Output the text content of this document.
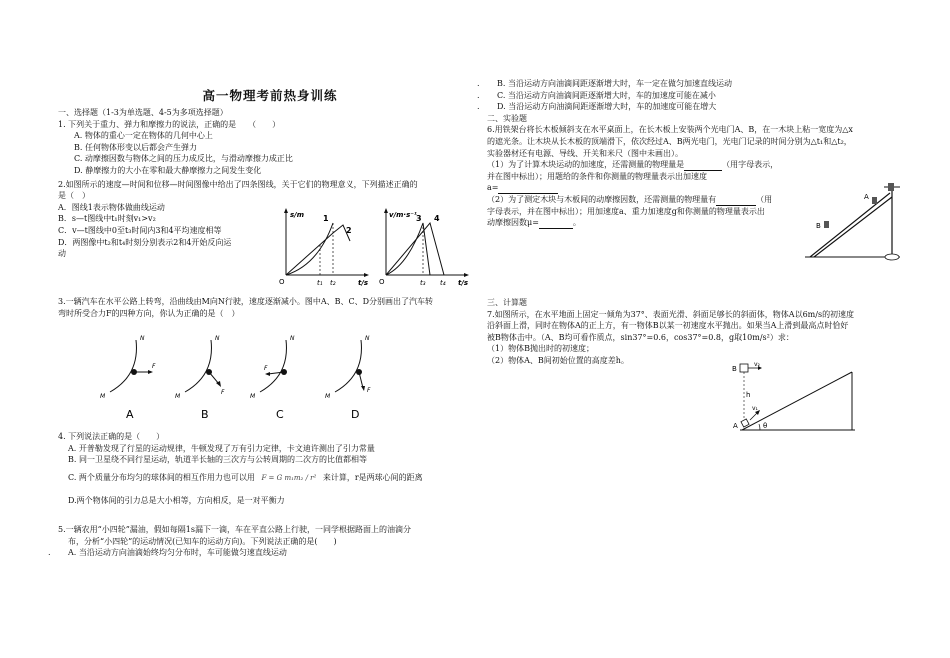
高一物理考前热身训练
一、选择题（1-3为单选题、4-5为多项选择题）
1. 下列关于重力、弹力和摩擦力的说法，正确的是　　（　　）
A. 物体的重心一定在物体的几何中心上
B. 任何物体形变以后都会产生弹力
C. 动摩擦因数与物体之间的压力成反比，与滑动摩擦力成正比
D. 静摩擦力的大小在零和最大静摩擦力之间发生变化
2.如图所示的速度—时间和位移—时间图像中给出了四条图线，关于它们的物理意义，下列描述正确的
是（　）
A．图线1表示物体做曲线运动
B．s—t图线中t₁时刻v₁>v₂
C．v—t图线中0至t₃时间内3和4平均速度相等
D．两图像中t₂和t₄时刻分别表示2和4开始反向运
动
s/m
t/s
O	t₁ t₂
1
2
v/m·s⁻¹
t/s
O	t₃ t₄
3 4
3.一辆汽车在水平公路上转弯，沿曲线由M向N行驶，速度逐渐减小。图中A、B、C、D分别画出了汽车转
弯时所受合力F的四种方向，你认为正确的是（　）
N
M
F
A
N
M
F
B
N
M
F
C
N
M
F
D
4. 下列说法正确的是（　　）
A. 开普勒发现了行星的运动规律，牛顿发现了万有引力定律，卡文迪许测出了引力常量
B. 同一卫星绕不同行星运动，轨道半长轴的三次方与公转周期的二次方的比值都相等
C. 两个质量分布均匀的球体间的相互作用力也可以用 F = G m₁m₂ / r² 来计算，r是两球心间的距离
D.两个物体间的引力总是大小相等，方向相反，是一对平衡力
5.一辆农用“小四轮”漏油，假如每隔1s漏下一滴，车在平直公路上行驶，一同学根据路面上的油滴分
布，分析“小四轮”的运动情况(已知车的运动方向)。下列说法正确的是(　　)
. A. 当沿运动方向油滴始终均匀分布时，车可能做匀速直线运动
. B. 当沿运动方向油滴间距逐渐增大时，车一定在做匀加速直线运动
. C. 当沿运动方向油滴间距逐渐增大时，车的加速度可能在减小
. D. 当沿运动方向油滴间距逐渐增大时，车的加速度可能在增大
二、实验题
6.用铁架台将长木板倾斜支在水平桌面上，在长木板上安装两个光电门A、B，在一木块上粘一宽度为△x
的遮光条。让木块从长木板的顶端滑下，依次经过A、B两光电门，光电门记录的时间分别为△t₁和△t₂，
实验器材还有电源、导线、开关和米尺（图中未画出）。
（1）为了计算木块运动的加速度，还需测量的物理量是	（用字母表示，
并在图中标出）；用题给的条件和你测量的物理量表示出加速度
a=
（2）为了测定木块与木板间的动摩擦因数，还需测量的物理量有	（用
字母表示，并在图中标出）；用加速度a、重力加速度g和你测量的物理量表示出
动摩擦因数μ=	。
A
B
三、计算题
7.如图所示，在水平地面上固定一倾角为37°、表面光滑、斜面足够长的斜面体，物体A以6m/s的初速度
沿斜面上滑，同时在物体A的正上方，有一物体B以某一初速度水平抛出。如果当A上滑到最高点时恰好
被B物体击中。（A、B均可看作质点，sin37°=0.6，cos37°=0.8，g取10m/s²）求：
（1）物体B抛出时的初速度；
（2）物体A、B间初始位置的高度差h。
B
v₂
h
v₁
A	θ
